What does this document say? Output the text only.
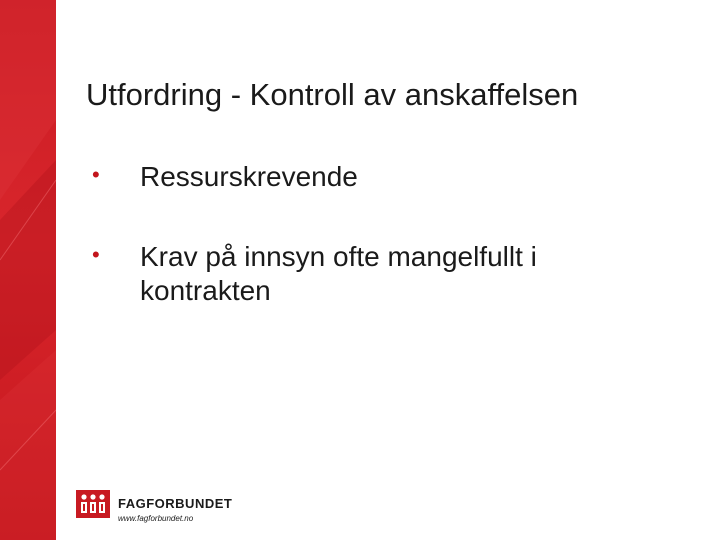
Utfordring - Kontroll av anskaffelsen
• Ressurskrevende
• Krav på innsyn ofte mangelfullt i kontrakten
FAGFORBUNDET
www.fagforbundet.no
